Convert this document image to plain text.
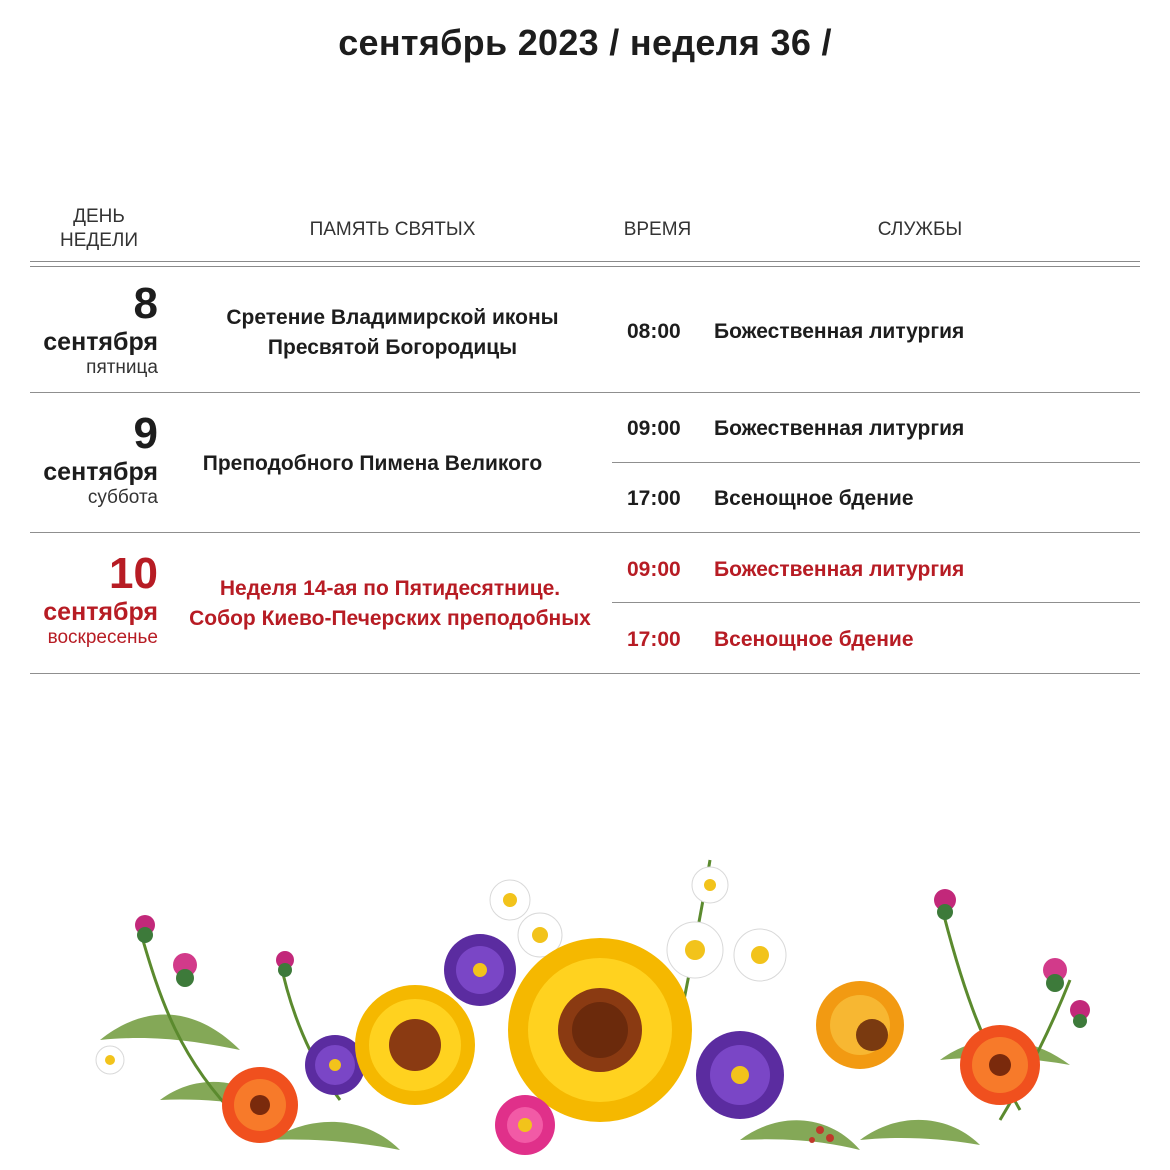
сентябрь 2023 / неделя 36 /
ДЕНЬ
НЕДЕЛИ
ПАМЯТЬ СВЯТЫХ	ВРЕМЯ	СЛУЖБЫ
8
сентября
пятница
Сретение Владимирской иконы
Пресвятой Богородицы
08:00 Божественная литургия
9
сентября
суббота
Преподобного Пимена Великого
09:00 Божественная литургия
17:00 Всенощное бдение
10
сентября
воскресенье
Неделя 14-ая по Пятидесятнице.
Собор Киево-Печерских преподобных
09:00 Божественная литургия
17:00 Всенощное бдение
